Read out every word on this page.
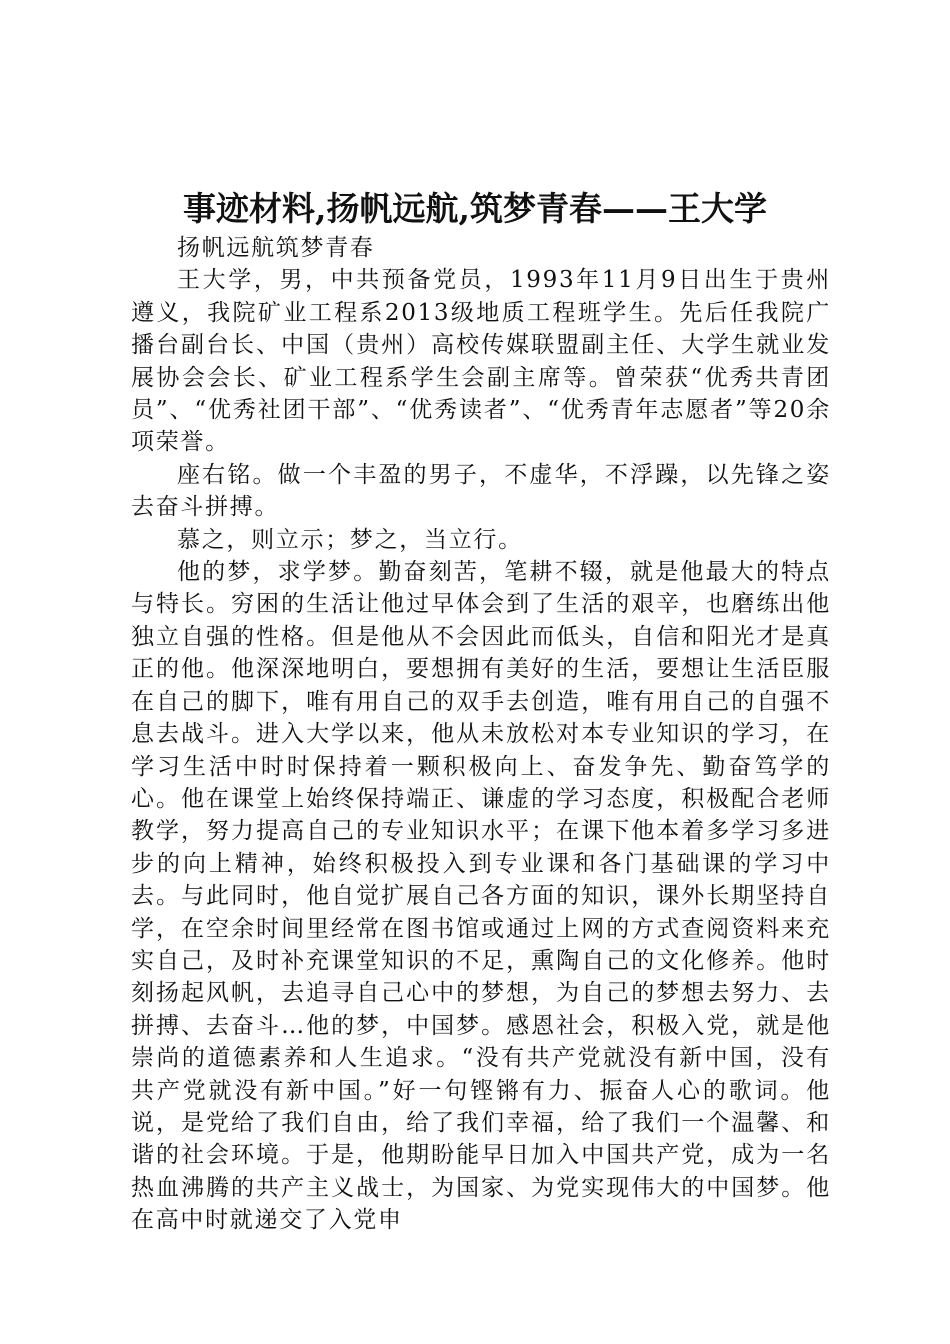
事迹材料,扬帆远航,筑梦青春——王大学

扬帆远航筑梦青春

王大学，男，中共预备党员，1993年11月9日出生于贵州遵义，我院矿业工程系2013级地质工程班学生。先后任我院广播台副台长、中国（贵州）高校传媒联盟副主任、大学生就业发展协会会长、矿业工程系学生会副主席等。曾荣获“优秀共青团员”、“优秀社团干部”、“优秀读者”、“优秀青年志愿者”等20余项荣誉。

座右铭。做一个丰盈的男子，不虚华，不浮躁，以先锋之姿去奋斗拼搏。

慕之，则立示；梦之，当立行。

他的梦，求学梦。勤奋刻苦，笔耕不辍，就是他最大的特点与特长。穷困的生活让他过早体会到了生活的艰辛，也磨练出他独立自强的性格。但是他从不会因此而低头，自信和阳光才是真正的他。他深深地明白，要想拥有美好的生活，要想让生活臣服在自己的脚下，唯有用自己的双手去创造，唯有用自己的自强不息去战斗。进入大学以来，他从未放松对本专业知识的学习，在学习生活中时时保持着一颗积极向上、奋发争先、勤奋笃学的心。他在课堂上始终保持端正、谦虚的学习态度，积极配合老师教学，努力提高自己的专业知识水平；在课下他本着多学习多进步的向上精神，始终积极投入到专业课和各门基础课的学习中去。与此同时，他自觉扩展自己各方面的知识，课外长期坚持自学，在空余时间里经常在图书馆或通过上网的方式查阅资料来充实自己，及时补充课堂知识的不足，熏陶自己的文化修养。他时刻扬起风帆，去追寻自己心中的梦想，为自己的梦想去努力、去拼搏、去奋斗…他的梦，中国梦。感恩社会，积极入党，就是他崇尚的道德素养和人生追求。“没有共产党就没有新中国，没有共产党就没有新中国。”好一句铿锵有力、振奋人心的歌词。他说，是党给了我们自由，给了我们幸福，给了我们一个温馨、和谐的社会环境。于是，他期盼能早日加入中国共产党，成为一名热血沸腾的共产主义战士，为国家、为党实现伟大的中国梦。他在高中时就递交了入党申
